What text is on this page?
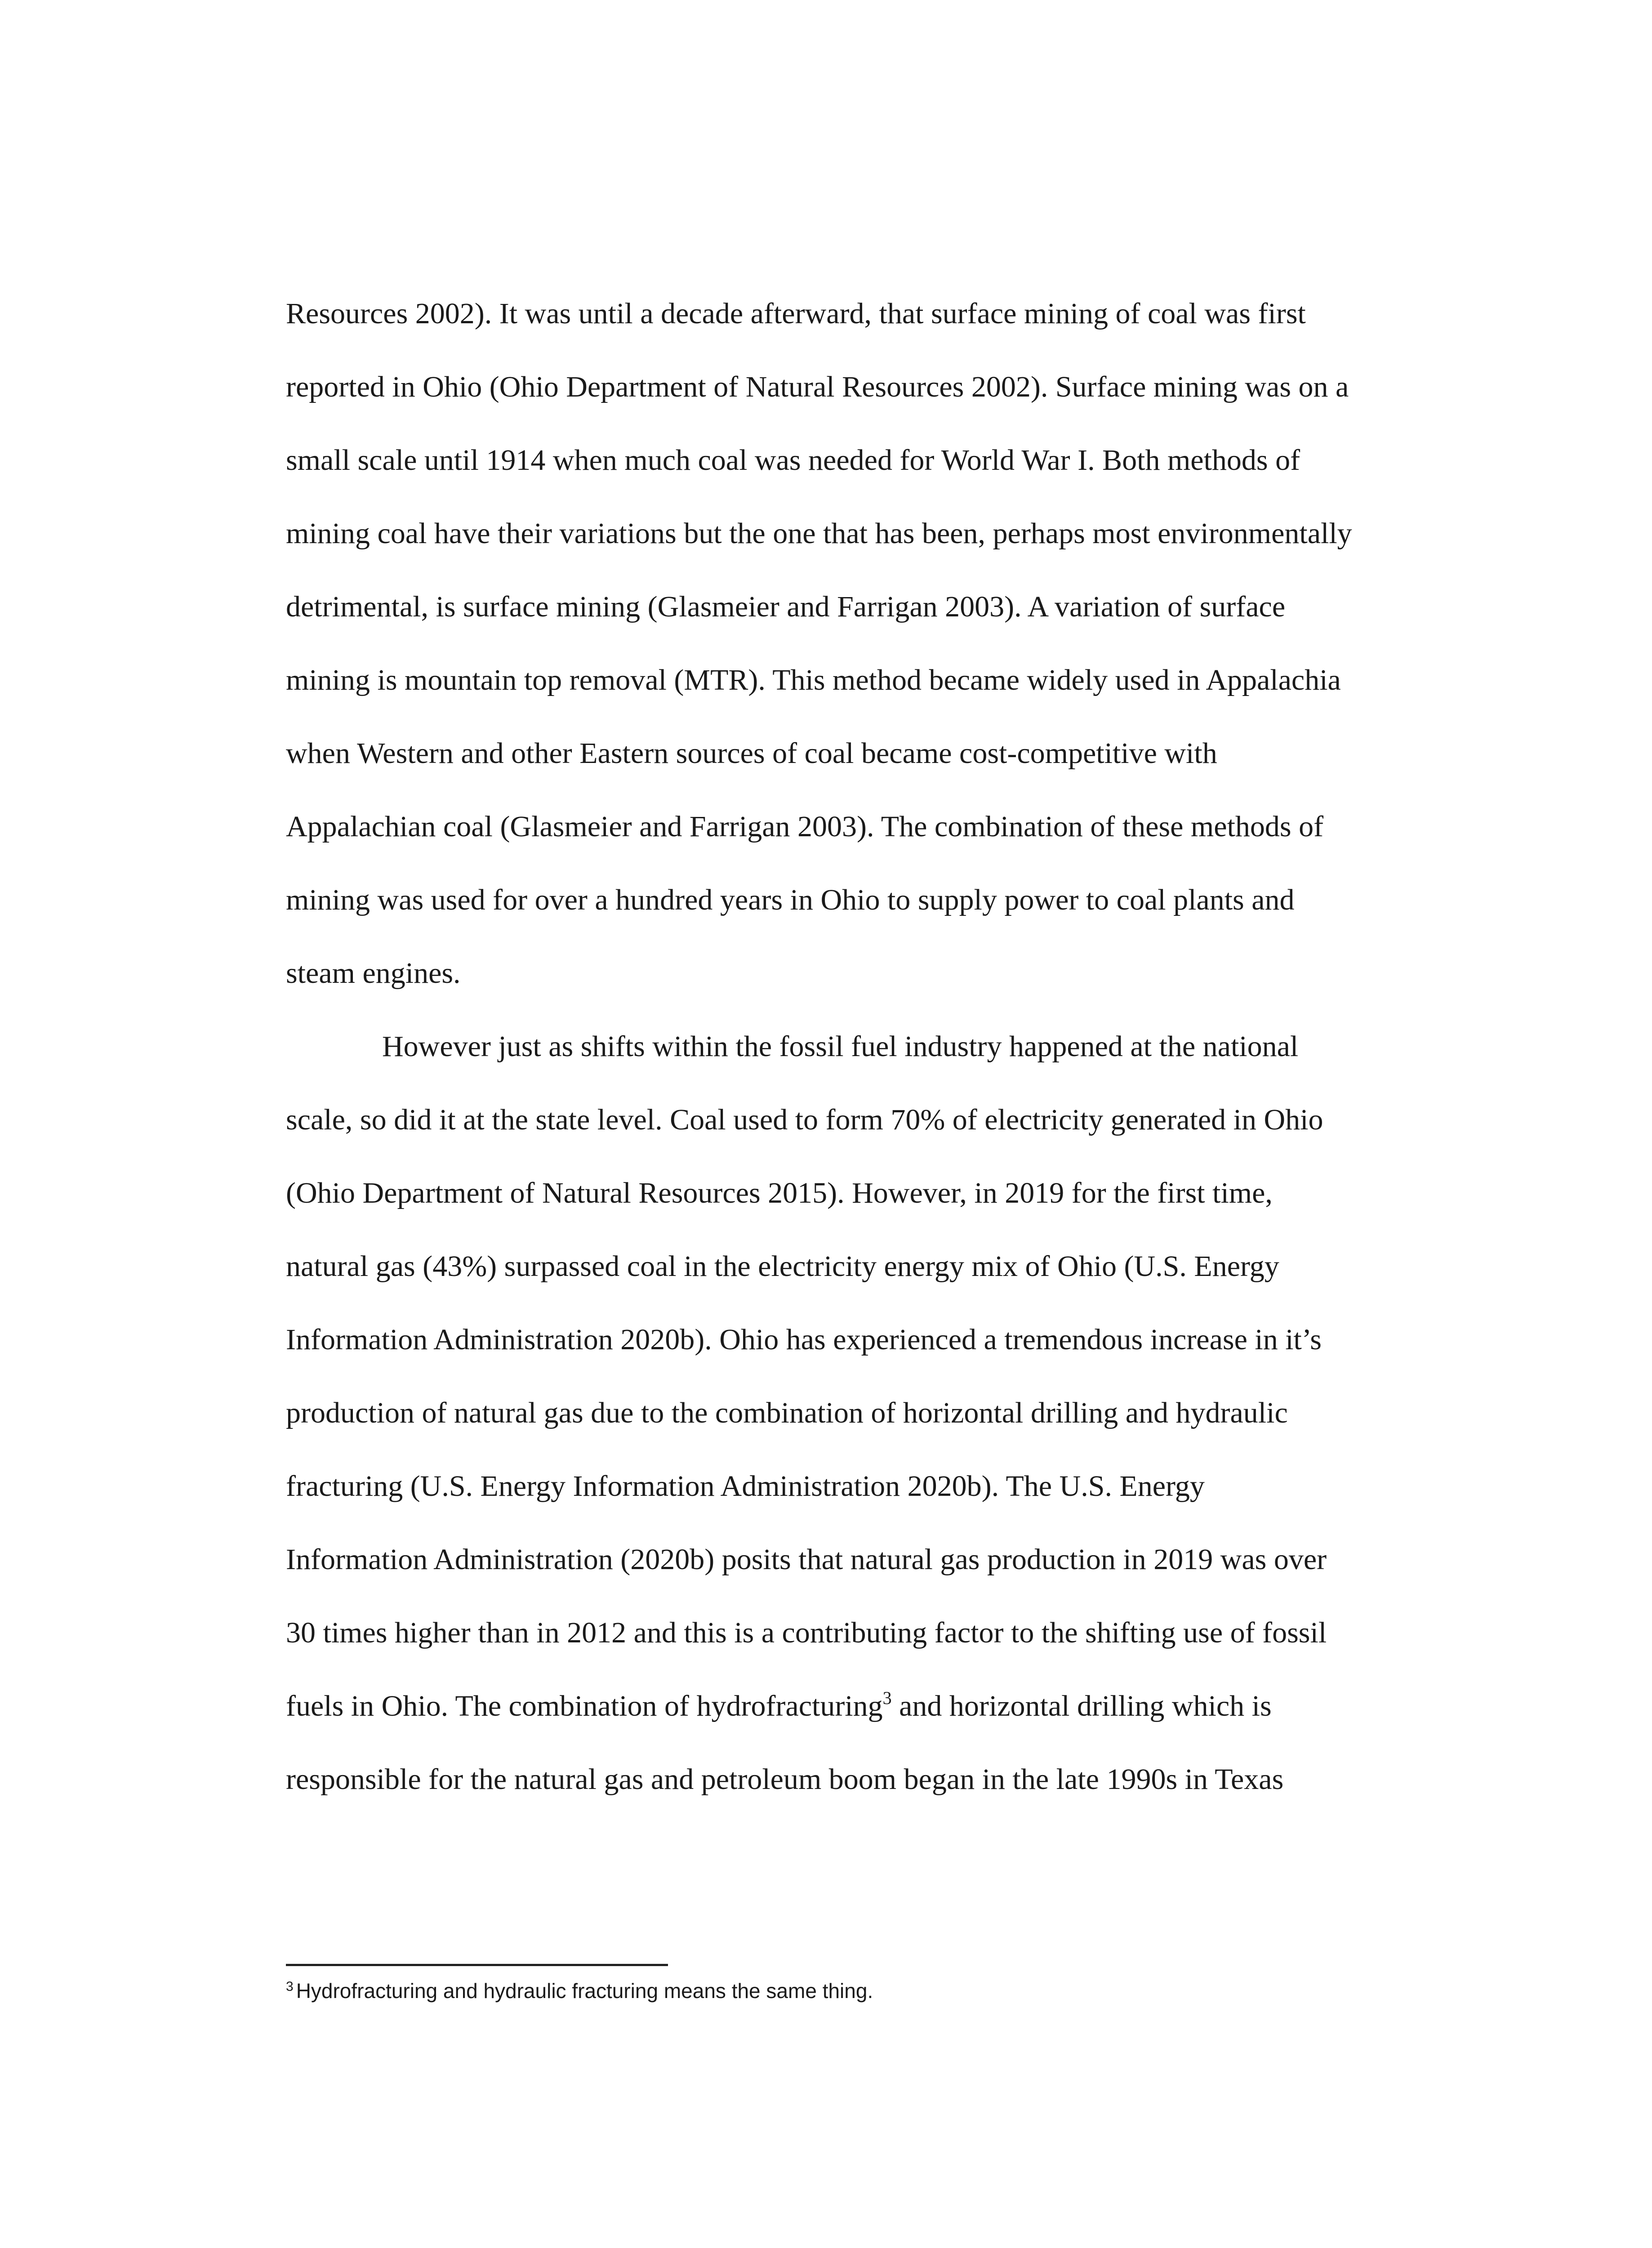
Resources 2002). It was until a decade afterward, that surface mining of coal was first
reported in Ohio (Ohio Department of Natural Resources 2002). Surface mining was on a
small scale until 1914 when much coal was needed for World War I. Both methods of
mining coal have their variations but the one that has been, perhaps most environmentally
detrimental, is surface mining (Glasmeier and Farrigan 2003). A variation of surface
mining is mountain top removal (MTR). This method became widely used in Appalachia
when Western and other Eastern sources of coal became cost-competitive with
Appalachian coal (Glasmeier and Farrigan 2003). The combination of these methods of
mining was used for over a hundred years in Ohio to supply power to coal plants and
steam engines.
However just as shifts within the fossil fuel industry happened at the national
scale, so did it at the state level. Coal used to form 70% of electricity generated in Ohio
(Ohio Department of Natural Resources 2015). However, in 2019 for the first time,
natural gas (43%) surpassed coal in the electricity energy mix of Ohio (U.S. Energy
Information Administration 2020b). Ohio has experienced a tremendous increase in it’s
production of natural gas due to the combination of horizontal drilling and hydraulic
fracturing (U.S. Energy Information Administration 2020b). The U.S. Energy
Information Administration (2020b) posits that natural gas production in 2019 was over
30 times higher than in 2012 and this is a contributing factor to the shifting use of fossil
fuels in Ohio. The combination of hydrofracturing$^3$ and horizontal drilling which is
responsible for the natural gas and petroleum boom began in the late 1990s in Texas
$^3$ Hydrofracturing and hydraulic fracturing means the same thing.
